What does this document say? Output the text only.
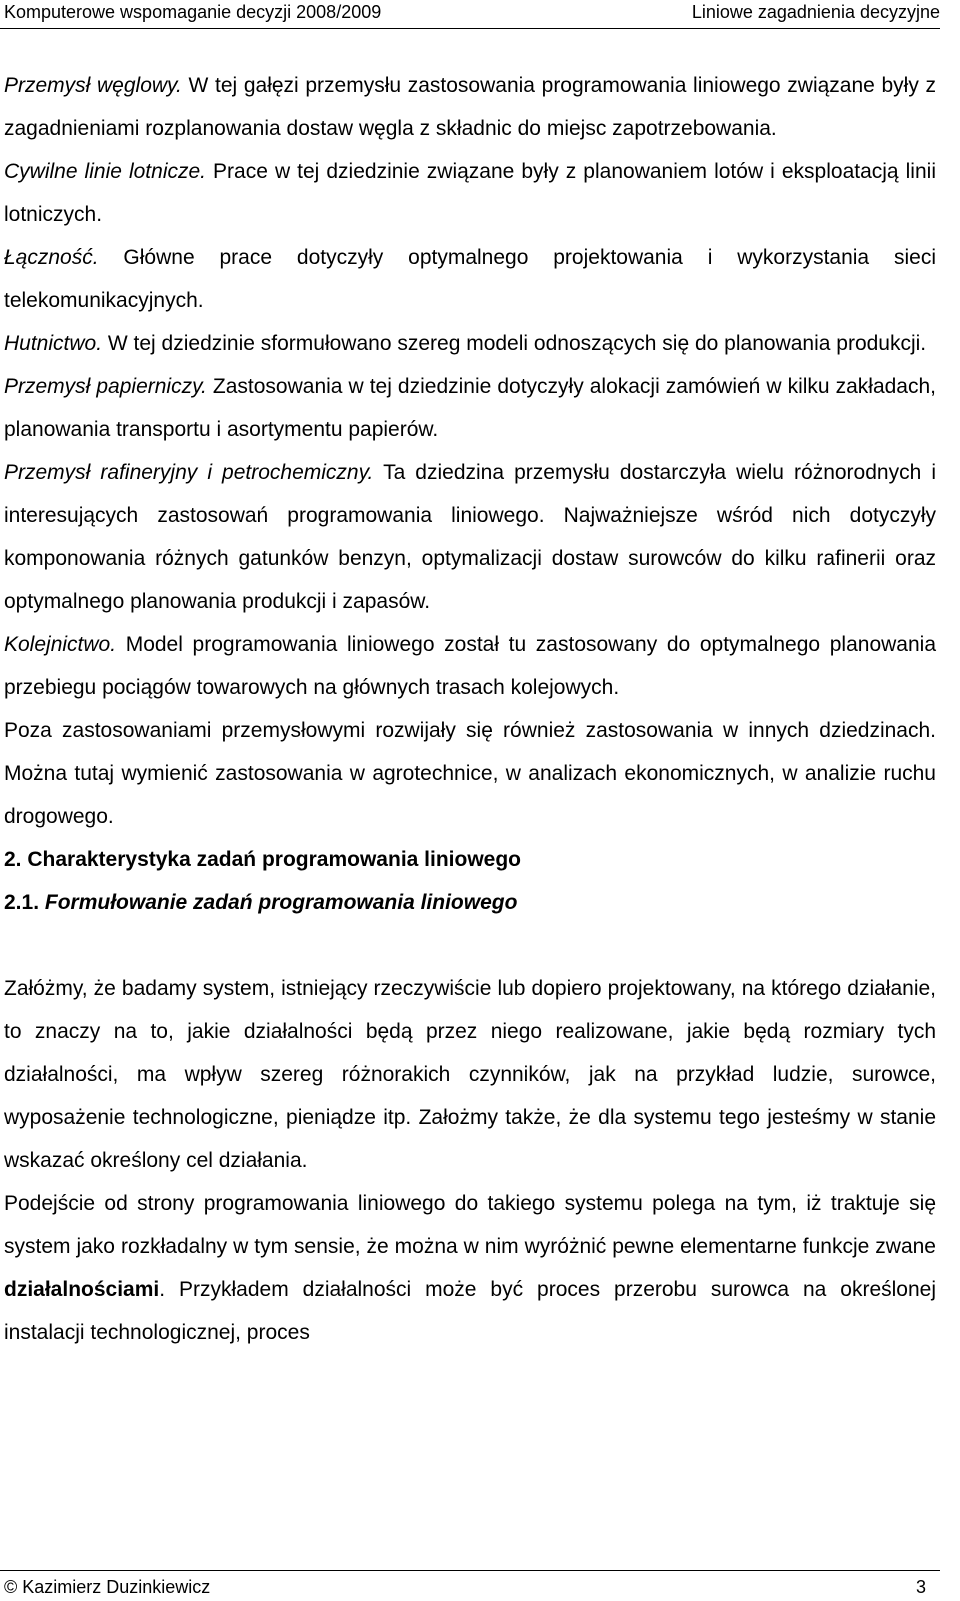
Komputerowe wspomaganie decyzji 2008/2009	Liniowe zagadnienia decyzyjne

Przemysł węglowy. W tej gałęzi przemysłu zastosowania programowania liniowego związane były z zagadnieniami rozplanowania dostaw węgla z składnic do miejsc zapotrzebowania.

Cywilne linie lotnicze. Prace w tej dziedzinie związane były z planowaniem lotów i eksploatacją linii lotniczych.

Łączność. Główne prace dotyczyły optymalnego projektowania i wykorzystania sieci telekomunikacyjnych.

Hutnictwo. W tej dziedzinie sformułowano szereg modeli odnoszących się do planowania produkcji.

Przemysł papierniczy. Zastosowania w tej dziedzinie dotyczyły alokacji zamówień w kilku zakładach, planowania transportu i asortymentu papierów.

Przemysł rafineryjny i petrochemiczny. Ta dziedzina przemysłu dostarczyła wielu różnorodnych i interesujących zastosowań programowania liniowego. Najważniejsze wśród nich dotyczyły komponowania różnych gatunków benzyn, optymalizacji dostaw surowców do kilku rafinerii oraz optymalnego planowania produkcji i zapasów.

Kolejnictwo. Model programowania liniowego został tu zastosowany do optymalnego planowania przebiegu pociągów towarowych na głównych trasach kolejowych.

Poza zastosowaniami przemysłowymi rozwijały się również zastosowania w innych dziedzinach. Można tutaj wymienić zastosowania w agrotechnice, w analizach ekonomicznych, w analizie ruchu drogowego.

2. Charakterystyka zadań programowania liniowego

2.1. Formułowanie zadań programowania liniowego

Załóżmy, że badamy system, istniejący rzeczywiście lub dopiero projektowany, na którego działanie, to znaczy na to, jakie działalności będą przez niego realizowane, jakie będą rozmiary tych działalności, ma wpływ szereg różnorakich czynników, jak na przykład ludzie, surowce, wyposażenie technologiczne, pieniądze itp. Założmy także, że dla systemu tego jesteśmy w stanie wskazać określony cel działania.

Podejście od strony programowania liniowego do takiego systemu polega na tym, iż traktuje się system jako rozkładalny w tym sensie, że można w nim wyróżnić pewne elementarne funkcje zwane działalnościami. Przykładem działalności może być proces przerobu surowca na określonej instalacji technologicznej, proces

© Kazimierz Duzinkiewicz	3
